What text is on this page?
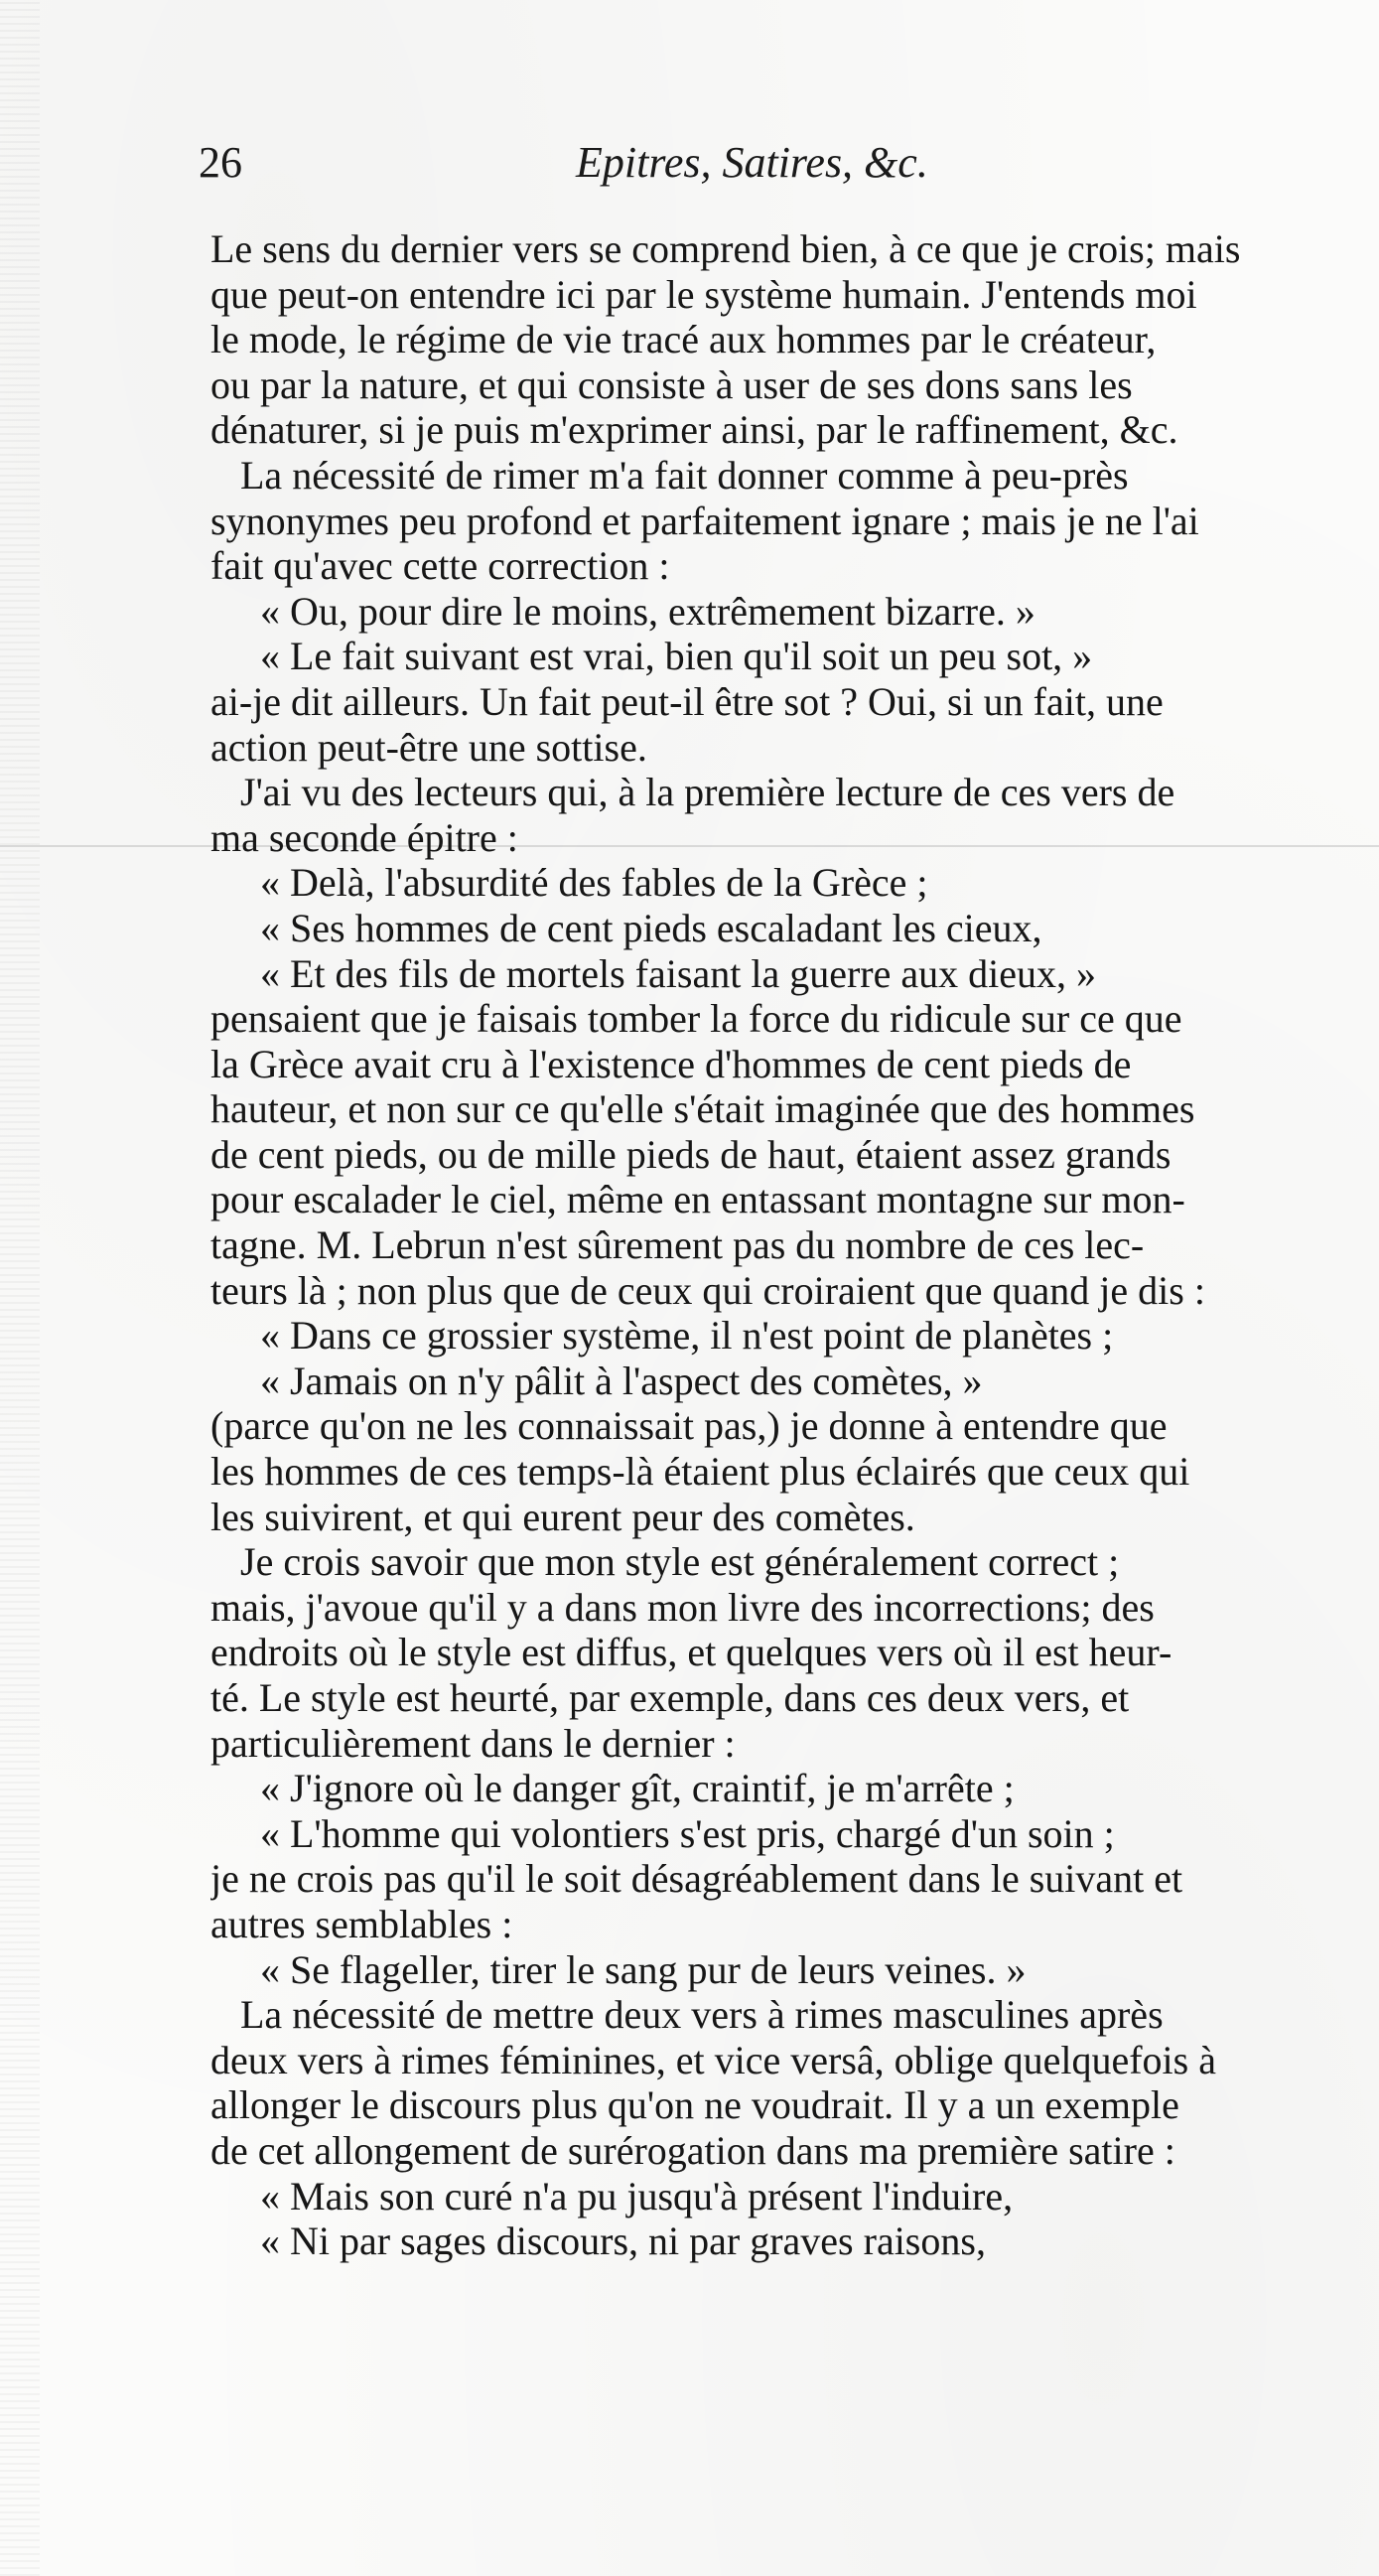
26	Epitres, Satires, &c.
Le sens du dernier vers se comprend bien, à ce que je crois; mais
que peut-on entendre ici par le système humain. J'entends moi
le mode, le régime de vie tracé aux hommes par le créateur,
ou par la nature, et qui consiste à user de ses dons sans les
dénaturer, si je puis m'exprimer ainsi, par le raffinement, &c.
La nécessité de rimer m'a fait donner comme à peu-près
synonymes peu profond et parfaitement ignare ; mais je ne l'ai
fait qu'avec cette correction :
« Ou, pour dire le moins, extrêmement bizarre. »
« Le fait suivant est vrai, bien qu'il soit un peu sot, »
ai-je dit ailleurs. Un fait peut-il être sot ? Oui, si un fait, une
action peut-être une sottise.
J'ai vu des lecteurs qui, à la première lecture de ces vers de
ma seconde épitre :
« Delà, l'absurdité des fables de la Grèce ;
« Ses hommes de cent pieds escaladant les cieux,
« Et des fils de mortels faisant la guerre aux dieux, »
pensaient que je faisais tomber la force du ridicule sur ce que
la Grèce avait cru à l'existence d'hommes de cent pieds de
hauteur, et non sur ce qu'elle s'était imaginée que des hommes
de cent pieds, ou de mille pieds de haut, étaient assez grands
pour escalader le ciel, même en entassant montagne sur mon-
tagne. M. Lebrun n'est sûrement pas du nombre de ces lec-
teurs là ; non plus que de ceux qui croiraient que quand je dis :
« Dans ce grossier système, il n'est point de planètes ;
« Jamais on n'y pâlit à l'aspect des comètes, »
(parce qu'on ne les connaissait pas,) je donne à entendre que
les hommes de ces temps-là étaient plus éclairés que ceux qui
les suivirent, et qui eurent peur des comètes.
Je crois savoir que mon style est généralement correct ;
mais, j'avoue qu'il y a dans mon livre des incorrections; des
endroits où le style est diffus, et quelques vers où il est heur-
té. Le style est heurté, par exemple, dans ces deux vers, et
particulièrement dans le dernier :
« J'ignore où le danger gît, craintif, je m'arrête ;
« L'homme qui volontiers s'est pris, chargé d'un soin ;
je ne crois pas qu'il le soit désagréablement dans le suivant et
autres semblables :
« Se flageller, tirer le sang pur de leurs veines. »
La nécessité de mettre deux vers à rimes masculines après
deux vers à rimes féminines, et vice versâ, oblige quelquefois à
allonger le discours plus qu'on ne voudrait. Il y a un exemple
de cet allongement de surérogation dans ma première satire :
« Mais son curé n'a pu jusqu'à présent l'induire,
« Ni par sages discours, ni par graves raisons,
